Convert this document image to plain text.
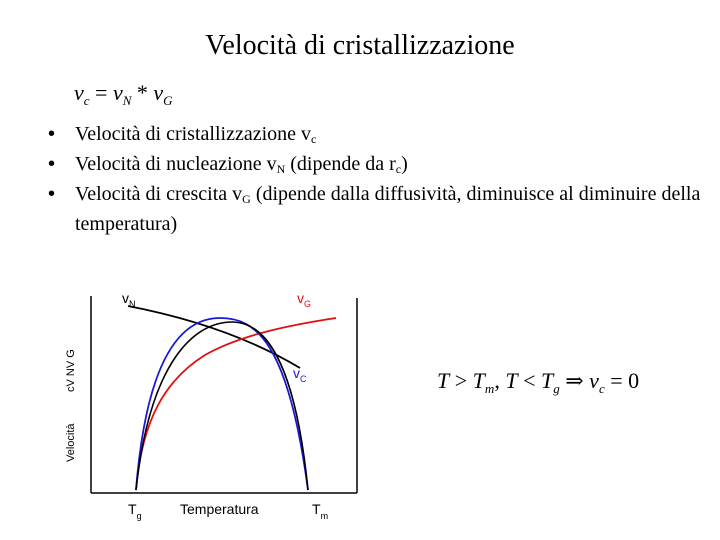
Velocità di cristallizzazione
$v_c = v_N * v_G$
• Velocità di cristallizzazione $v_c$
• Velocità di nucleazione $v_N$ (dipende da $r_c$)
• Velocità di crescita $v_G$ (dipende dalla diffusività, diminuisce al diminuire della temperatura)
$v_N$	$v_G$
$v_C$
Temperatura
$T_g$	$T_m$
cV NV G
Velocità
$T > T_m$, $T < T_g$ ⇒ $v_c = 0$
